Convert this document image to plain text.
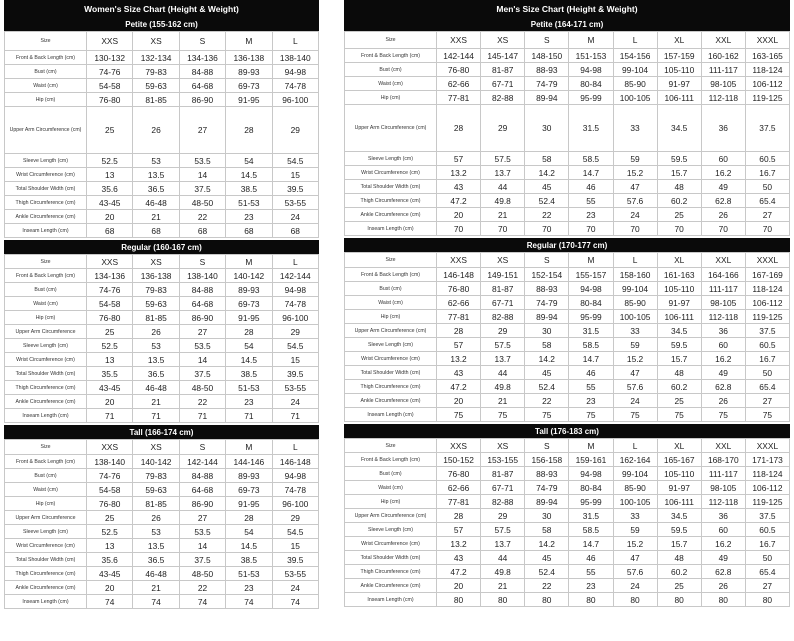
Women's Size Chart (Height & Weight)
Petite (155-162 cm)
Size	XXS	XS	S	M	L
Front & Back Length (cm)	130-132	132-134	134-136	136-138	138-140
Bust (cm)	74-76	79-83	84-88	89-93	94-98
Waist (cm)	54-58	59-63	64-68	69-73	74-78
Hip (cm)	76-80	81-85	86-90	91-95	96-100
Upper Arm Circumference (cm)	25	26	27	28	29
Sleeve Length (cm)	52.5	53	53.5	54	54.5
Wrist Circumference (cm)	13	13.5	14	14.5	15
Total Shoulder Width (cm)	35.6	36.5	37.5	38.5	39.5
Thigh Circumference (cm)	43-45	46-48	48-50	51-53	53-55
Ankle Circumference (cm)	20	21	22	23	24
Inseam Length (cm)	68	68	68	68	68
Regular (160-167 cm)
Size	XXS	XS	S	M	L
Front & Back Length (cm)	134-136	136-138	138-140	140-142	142-144
Bust (cm)	74-76	79-83	84-88	89-93	94-98
Waist (cm)	54-58	59-63	64-68	69-73	74-78
Hip (cm)	76-80	81-85	86-90	91-95	96-100
Upper Arm Circumference	25	26	27	28	29
Sleeve Length (cm)	52.5	53	53.5	54	54.5
Wrist Circumference (cm)	13	13.5	14	14.5	15
Total Shoulder Width (cm)	35.5	36.5	37.5	38.5	39.5
Thigh Circumference (cm)	43-45	46-48	48-50	51-53	53-55
Ankle Circumference (cm)	20	21	22	23	24
Inseam Length (cm)	71	71	71	71	71
Tall (166-174 cm)
Size	XXS	XS	S	M	L
Front & Back Length (cm)	138-140	140-142	142-144	144-146	146-148
Bust (cm)	74-76	79-83	84-88	89-93	94-98
Waist (cm)	54-58	59-63	64-68	69-73	74-78
Hip (cm)	76-80	81-85	86-90	91-95	96-100
Upper Arm Circumference	25	26	27	28	29
Sleeve Length (cm)	52.5	53	53.5	54	54.5
Wrist Circumference (cm)	13	13.5	14	14.5	15
Total Shoulder Width (cm)	35.6	36.5	37.5	38.5	39.5
Thigh Circumference (cm)	43-45	46-48	48-50	51-53	53-55
Ankle Circumference (cm)	20	21	22	23	24
Inseam Length (cm)	74	74	74	74	74
Men's Size Chart (Height & Weight)
Petite (164-171 cm)
Size	XXS	XS	S	M	L	XL	XXL	XXXL
Front & Back Length (cm)	142-144	145-147	148-150	151-153	154-156	157-159	160-162	163-165
Bust (cm)	76-80	81-87	88-93	94-98	99-104	105-110	111-117	118-124
Waist (cm)	62-66	67-71	74-79	80-84	85-90	91-97	98-105	106-112
Hip (cm)	77-81	82-88	89-94	95-99	100-105	106-111	112-118	119-125
Upper Arm Circumference (cm)	28	29	30	31.5	33	34.5	36	37.5
Sleeve Length (cm)	57	57.5	58	58.5	59	59.5	60	60.5
Wrist Circumference (cm)	13.2	13.7	14.2	14.7	15.2	15.7	16.2	16.7
Total Shoulder Width (cm)	43	44	45	46	47	48	49	50
Thigh Circumference (cm)	47.2	49.8	52.4	55	57.6	60.2	62.8	65.4
Ankle Circumference (cm)	20	21	22	23	24	25	26	27
Inseam Length (cm)	70	70	70	70	70	70	70	70
Regular (170-177 cm)
Size	XXS	XS	S	M	L	XL	XXL	XXXL
Front & Back Length (cm)	146-148	149-151	152-154	155-157	158-160	161-163	164-166	167-169
Bust (cm)	76-80	81-87	88-93	94-98	99-104	105-110	111-117	118-124
Waist (cm)	62-66	67-71	74-79	80-84	85-90	91-97	98-105	106-112
Hip (cm)	77-81	82-88	89-94	95-99	100-105	106-111	112-118	119-125
Upper Arm Circumference (cm)	28	29	30	31.5	33	34.5	36	37.5
Sleeve Length (cm)	57	57.5	58	58.5	59	59.5	60	60.5
Wrist Circumference (cm)	13.2	13.7	14.2	14.7	15.2	15.7	16.2	16.7
Total Shoulder Width (cm)	43	44	45	46	47	48	49	50
Thigh Circumference (cm)	47.2	49.8	52.4	55	57.6	60.2	62.8	65.4
Ankle Circumference (cm)	20	21	22	23	24	25	26	27
Inseam Length (cm)	75	75	75	75	75	75	75	75
Tall (176-183 cm)
Size	XXS	XS	S	M	L	XL	XXL	XXXL
Front & Back Length (cm)	150-152	153-155	156-158	159-161	162-164	165-167	168-170	171-173
Bust (cm)	76-80	81-87	88-93	94-98	99-104	105-110	111-117	118-124
Waist (cm)	62-66	67-71	74-79	80-84	85-90	91-97	98-105	106-112
Hip (cm)	77-81	82-88	89-94	95-99	100-105	106-111	112-118	119-125
Upper Arm Circumference (cm)	28	29	30	31.5	33	34.5	36	37.5
Sleeve Length (cm)	57	57.5	58	58.5	59	59.5	60	60.5
Wrist Circumference (cm)	13.2	13.7	14.2	14.7	15.2	15.7	16.2	16.7
Total Shoulder Width (cm)	43	44	45	46	47	48	49	50
Thigh Circumference (cm)	47.2	49.8	52.4	55	57.6	60.2	62.8	65.4
Ankle Circumference (cm)	20	21	22	23	24	25	26	27
Inseam Length (cm)	80	80	80	80	80	80	80	80
